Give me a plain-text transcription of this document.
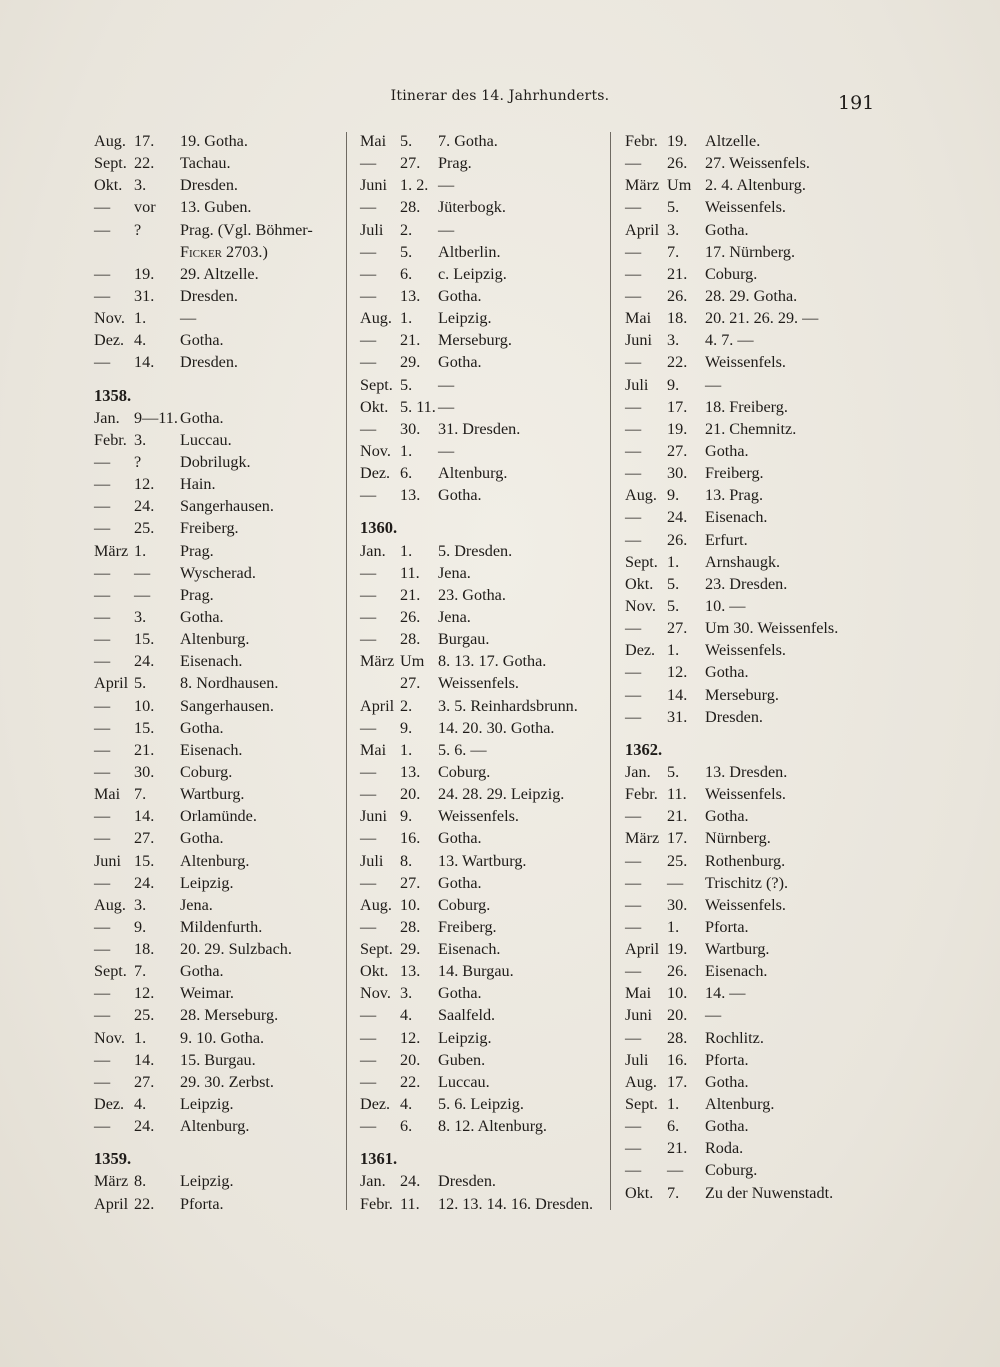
Itinerar des 14. Jahrhunderts.	191
Aug. 17. 19. Gotha.
Sept. 22. Tachau.
Okt. 3. Dresden.
— vor 13. Guben.
— ? Prag. (Vgl. Böhmer-
Ficker 2703.)
— 19. 29. Altzelle.
— 31. Dresden.
Nov. 1. —
Dez. 4. Gotha.
— 14. Dresden.
1358.
Jan. 9—11. Gotha.
Febr. 3. Luccau.
— ? Dobrilugk.
— 12. Hain.
— 24. Sangerhausen.
— 25. Freiberg.
März 1. Prag.
— — Wyscherad.
— — Prag.
— 3. Gotha.
— 15. Altenburg.
— 24. Eisenach.
April 5. 8. Nordhausen.
— 10. Sangerhausen.
— 15. Gotha.
— 21. Eisenach.
— 30. Coburg.
Mai 7. Wartburg.
— 14. Orlamünde.
— 27. Gotha.
Juni 15. Altenburg.
— 24. Leipzig.
Aug. 3. Jena.
— 9. Mildenfurth.
— 18. 20. 29. Sulzbach.
Sept. 7. Gotha.
— 12. Weimar.
— 25. 28. Merseburg.
Nov. 1. 9. 10. Gotha.
— 14. 15. Burgau.
— 27. 29. 30. Zerbst.
Dez. 4. Leipzig.
— 24. Altenburg.
1359.
März 8. Leipzig.
April 22. Pforta.
Mai 5. 7. Gotha.
— 27. Prag.
Juni 1. 2. —
— 28. Jüterbogk.
Juli 2. —
— 5. Altberlin.
— 6. c. Leipzig.
— 13. Gotha.
Aug. 1. Leipzig.
— 21. Merseburg.
— 29. Gotha.
Sept. 5. —
Okt. 5. 11. —
— 30. 31. Dresden.
Nov. 1. —
Dez. 6. Altenburg.
— 13. Gotha.
1360.
Jan. 1. 5. Dresden.
— 11. Jena.
— 21. 23. Gotha.
— 26. Jena.
— 28. Burgau.
März Um 8. 13. 17. Gotha.
27. Weissenfels.
April 2. 3. 5. Reinhardsbrunn.
— 9. 14. 20. 30. Gotha.
Mai 1. 5. 6. —
— 13. Coburg.
— 20. 24. 28. 29. Leipzig.
Juni 9. Weissenfels.
— 16. Gotha.
Juli 8. 13. Wartburg.
— 27. Gotha.
Aug. 10. Coburg.
— 28. Freiberg.
Sept. 29. Eisenach.
Okt. 13. 14. Burgau.
Nov. 3. Gotha.
— 4. Saalfeld.
— 12. Leipzig.
— 20. Guben.
— 22. Luccau.
Dez. 4. 5. 6. Leipzig.
— 6. 8. 12. Altenburg.
1361.
Jan. 24. Dresden.
Febr. 11. 12. 13. 14. 16. Dresden.
Febr. 19. Altzelle.
— 26. 27. Weissenfels.
März Um 2. 4. Altenburg.
— 5. Weissenfels.
April 3. Gotha.
— 7. 17. Nürnberg.
— 21. Coburg.
— 26. 28. 29. Gotha.
Mai 18. 20. 21. 26. 29. —
Juni 3. 4. 7. —
— 22. Weissenfels.
Juli 9. —
— 17. 18. Freiberg.
— 19. 21. Chemnitz.
— 27. Gotha.
— 30. Freiberg.
Aug. 9. 13. Prag.
— 24. Eisenach.
— 26. Erfurt.
Sept. 1. Arnshaugk.
Okt. 5. 23. Dresden.
Nov. 5. 10. —
— 27. Um 30. Weissenfels.
Dez. 1. Weissenfels.
— 12. Gotha.
— 14. Merseburg.
— 31. Dresden.
1362.
Jan. 5. 13. Dresden.
Febr. 11. Weissenfels.
— 21. Gotha.
März 17. Nürnberg.
— 25. Rothenburg.
— — Trischitz (?).
— 30. Weissenfels.
— 1. Pforta.
April 19. Wartburg.
— 26. Eisenach.
Mai 10. 14. —
Juni 20. —
— 28. Rochlitz.
Juli 16. Pforta.
Aug. 17. Gotha.
Sept. 1. Altenburg.
— 6. Gotha.
— 21. Roda.
— — Coburg.
Okt. 7. Zu der Nuwenstadt.
